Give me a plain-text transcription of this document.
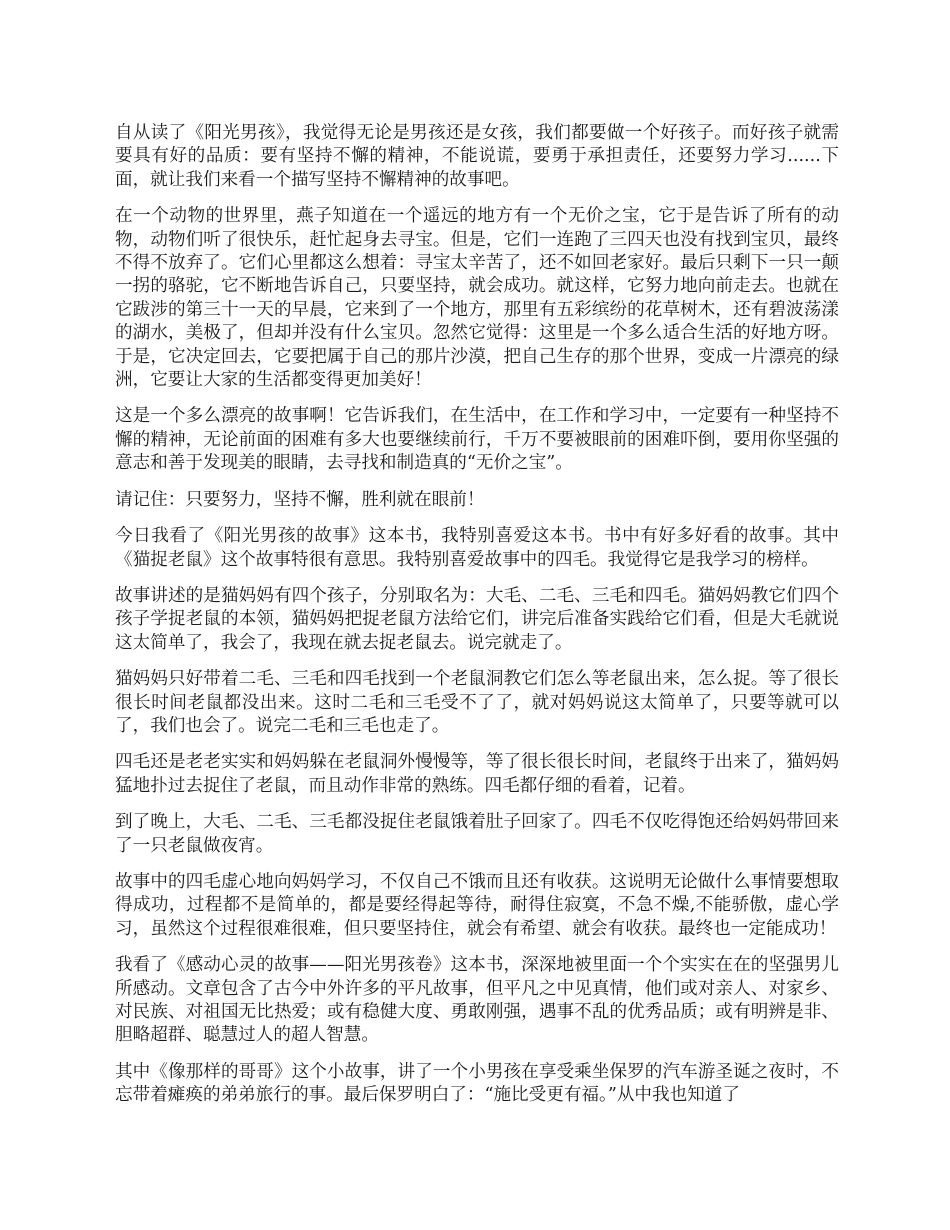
自从读了《阳光男孩》，我觉得无论是男孩还是女孩，我们都要做一个好孩子。而好孩子就需要具有好的品质：要有坚持不懈的精神，不能说谎，要勇于承担责任，还要努力学习......下面，就让我们来看一个描写坚持不懈精神的故事吧。

在一个动物的世界里，燕子知道在一个遥远的地方有一个无价之宝，它于是告诉了所有的动物，动物们听了很快乐，赶忙起身去寻宝。但是，它们一连跑了三四天也没有找到宝贝，最终不得不放弃了。它们心里都这么想着：寻宝太辛苦了，还不如回老家好。最后只剩下一只一颠一拐的骆驼，它不断地告诉自己，只要坚持，就会成功。就这样，它努力地向前走去。也就在它跋涉的第三十一天的早晨，它来到了一个地方，那里有五彩缤纷的花草树木，还有碧波荡漾的湖水，美极了，但却并没有什么宝贝。忽然它觉得：这里是一个多么适合生活的好地方呀。于是，它决定回去，它要把属于自己的那片沙漠，把自己生存的那个世界，变成一片漂亮的绿洲，它要让大家的生活都变得更加美好！

这是一个多么漂亮的故事啊！它告诉我们，在生活中，在工作和学习中，一定要有一种坚持不懈的精神，无论前面的困难有多大也要继续前行，千万不要被眼前的困难吓倒，要用你坚强的意志和善于发现美的眼睛，去寻找和制造真的“无价之宝”。

请记住：只要努力，坚持不懈，胜利就在眼前！

今日我看了《阳光男孩的故事》这本书，我特别喜爱这本书。书中有好多好看的故事。其中《猫捉老鼠》这个故事特很有意思。我特别喜爱故事中的四毛。我觉得它是我学习的榜样。

故事讲述的是猫妈妈有四个孩子，分别取名为：大毛、二毛、三毛和四毛。猫妈妈教它们四个孩子学捉老鼠的本领，猫妈妈把捉老鼠方法给它们，讲完后准备实践给它们看，但是大毛就说这太简单了，我会了，我现在就去捉老鼠去。说完就走了。

猫妈妈只好带着二毛、三毛和四毛找到一个老鼠洞教它们怎么等老鼠出来，怎么捉。等了很长很长时间老鼠都没出来。这时二毛和三毛受不了了，就对妈妈说这太简单了，只要等就可以了，我们也会了。说完二毛和三毛也走了。

四毛还是老老实实和妈妈躲在老鼠洞外慢慢等，等了很长很长时间，老鼠终于出来了，猫妈妈猛地扑过去捉住了老鼠，而且动作非常的熟练。四毛都仔细的看着，记着。

到了晚上，大毛、二毛、三毛都没捉住老鼠饿着肚子回家了。四毛不仅吃得饱还给妈妈带回来了一只老鼠做夜宵。

故事中的四毛虚心地向妈妈学习，不仅自己不饿而且还有收获。这说明无论做什么事情要想取得成功，过程都不是简单的，都是要经得起等待，耐得住寂寞，不急不燥,不能骄傲，虚心学习，虽然这个过程很难很难，但只要坚持住，就会有希望、就会有收获。最终也一定能成功！

我看了《感动心灵的故事——阳光男孩卷》这本书，深深地被里面一个个实实在在的坚强男儿所感动。文章包含了古今中外许多的平凡故事，但平凡之中见真情，他们或对亲人、对家乡、对民族、对祖国无比热爱；或有稳健大度、勇敢刚强，遇事不乱的优秀品质；或有明辨是非、胆略超群、聪慧过人的超人智慧。

其中《像那样的哥哥》这个小故事，讲了一个小男孩在享受乘坐保罗的汽车游圣诞之夜时，不忘带着瘫痪的弟弟旅行的事。最后保罗明白了：“施比受更有福。”从中我也知道了
